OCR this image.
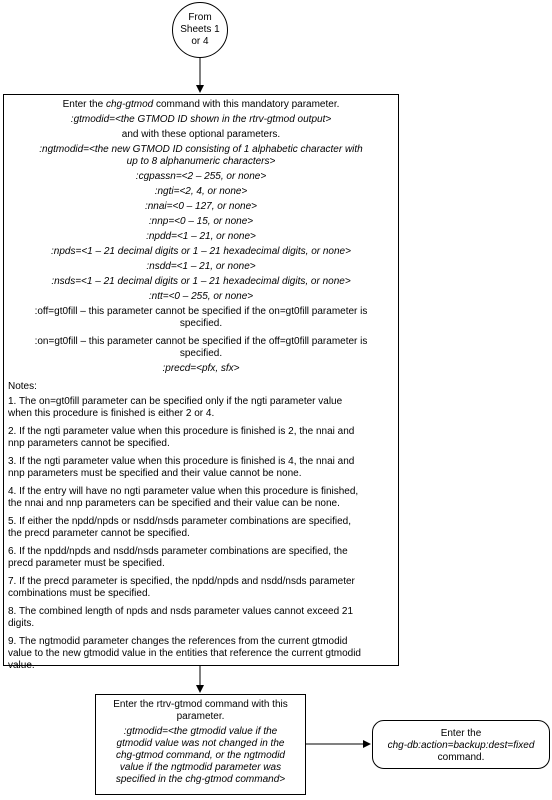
From
Sheets 1
or 4
Enter the chg-gtmod command with this mandatory parameter.
:gtmodid=<the GTMOD ID shown in the rtrv-gtmod output>
and with these optional parameters.
:ngtmodid=<the new GTMOD ID consisting of 1 alphabetic character with
up to 8 alphanumeric characters>
:cgpassn=<2 – 255, or none>
:ngti=<2, 4, or none>
:nnai=<0 – 127, or none>
:nnp=<0 – 15, or none>
:npdd=<1 – 21, or none>
:npds=<1 – 21 decimal digits or 1 – 21 hexadecimal digits, or none>
:nsdd=<1 – 21, or none>
:nsds=<1 – 21 decimal digits or 1 – 21 hexadecimal digits, or none>
:ntt=<0 – 255, or none>
:off=gt0fill – this parameter cannot be specified if the on=gt0fill parameter is
specified.
:on=gt0fill – this parameter cannot be specified if the off=gt0fill parameter is
specified.
:precd=<pfx, sfx>
Notes:
1. The on=gt0fill parameter can be specified only if the ngti parameter value
when this procedure is finished is either 2 or 4.
2. If the ngti parameter value when this procedure is finished is 2, the nnai and
nnp parameters cannot be specified.
3. If the ngti parameter value when this procedure is finished is 4, the nnai and
nnp parameters must be specified and their value cannot be none.
4. If the entry will have no ngti parameter value when this procedure is finished,
the nnai and nnp parameters can be specified and their value can be none.
5. If either the npdd/npds or nsdd/nsds parameter combinations are specified,
the precd parameter cannot be specified.
6. If the npdd/npds and nsdd/nsds parameter combinations are specified, the
precd parameter must be specified.
7. If the precd parameter is specified, the npdd/npds and nsdd/nsds parameter
combinations must be specified.
8. The combined length of npds and nsds parameter values cannot exceed 21
digits.
9. The ngtmodid parameter changes the references from the current gtmodid
value to the new gtmodid value in the entities that reference the current gtmodid
value.
Enter the rtrv-gtmod command with this
parameter.
:gtmodid=<the gtmodid value if the
gtmodid value was not changed in the
chg-gtmod command, or the ngtmodid
value if the ngtmodid parameter was
specified in the chg-gtmod command>
Enter the
chg-db:action=backup:dest=fixed
command.
